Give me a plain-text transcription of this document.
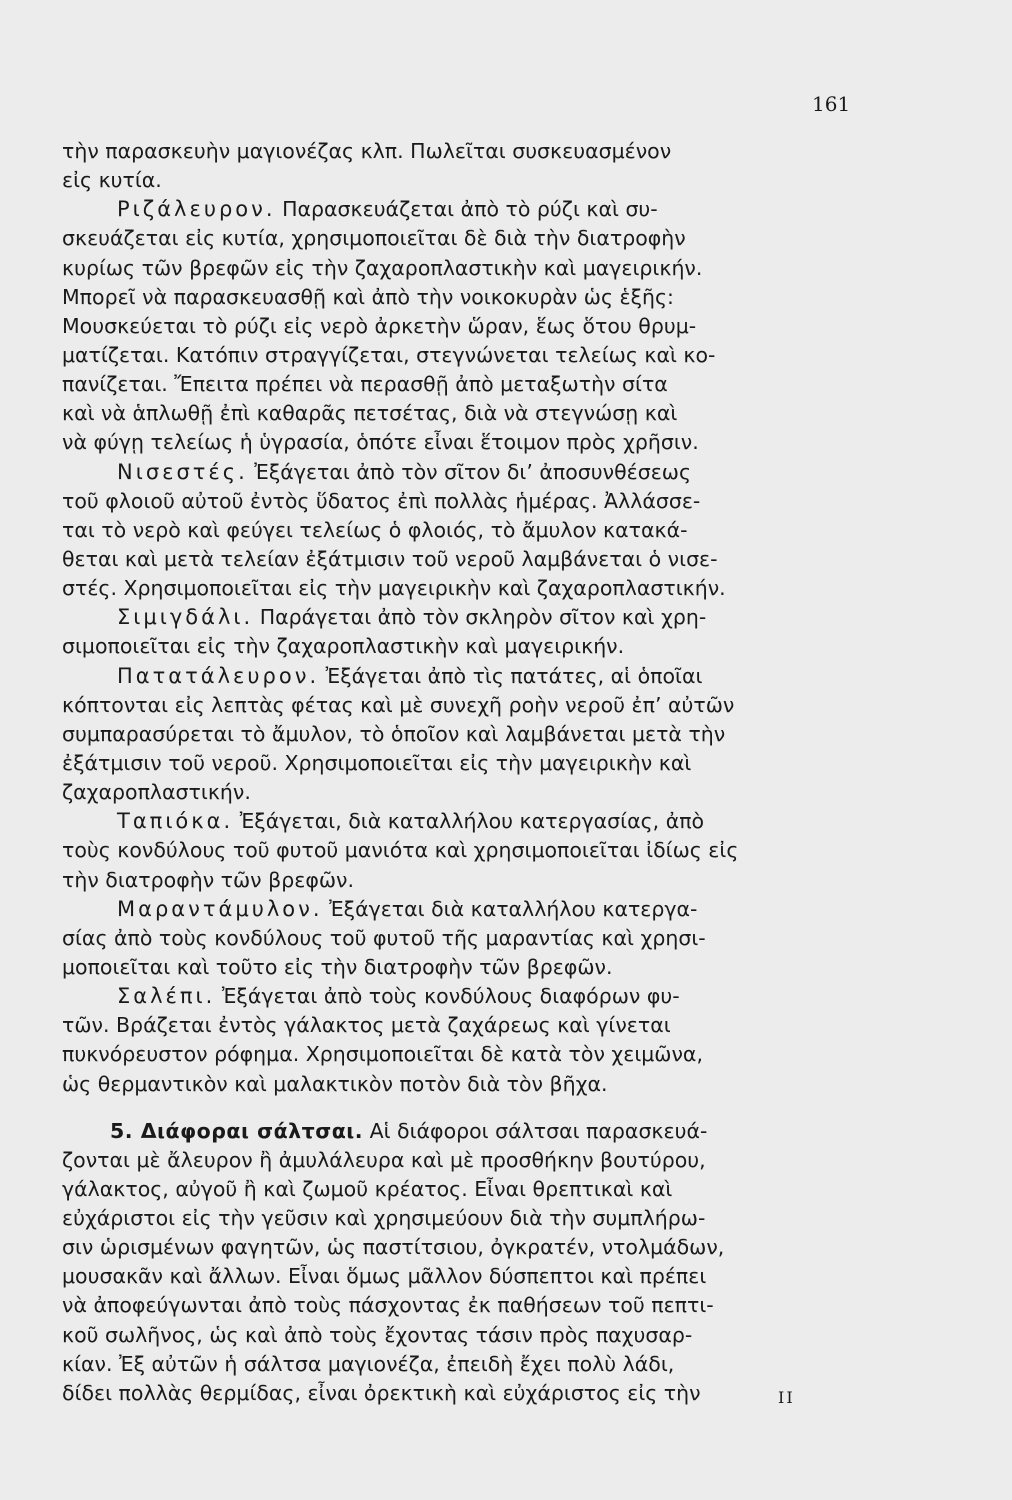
161
τὴν παρασκευὴν μαγιονέζας κλπ. Πωλεῖται συσκευασμένον
εἰς κυτία.
Ριζάλευρον. Παρασκευάζεται ἀπὸ τὸ ρύζι καὶ συ-
σκευάζεται εἰς κυτία, χρησιμοποιεῖται δὲ διὰ τὴν διατροφὴν
κυρίως τῶν βρεφῶν εἰς τὴν ζαχαροπλαστικὴν καὶ μαγειρικήν.
Μπορεῖ νὰ παρασκευασθῇ καὶ ἀπὸ τὴν νοικοκυρὰν ὡς ἑξῆς:
Μουσκεύεται τὸ ρύζι εἰς νερὸ ἀρκετὴν ὥραν, ἕως ὅτου θρυμ-
ματίζεται. Κατόπιν στραγγίζεται, στεγνώνεται τελείως καὶ κο-
πανίζεται. Ἔπειτα πρέπει νὰ περασθῇ ἀπὸ μεταξωτὴν σίτα
καὶ νὰ ἁπλωθῇ ἐπὶ καθαρᾶς πετσέτας, διὰ νὰ στεγνώσῃ καὶ
νὰ φύγῃ τελείως ἡ ὑγρασία, ὁπότε εἶναι ἕτοιμον πρὸς χρῆσιν.
Νισεστές. Ἐξάγεται ἀπὸ τὸν σῖτον δι’ ἀποσυνθέσεως
τοῦ φλοιοῦ αὐτοῦ ἐντὸς ὕδατος ἐπὶ πολλὰς ἡμέρας. Ἀλλάσσε-
ται τὸ νερὸ καὶ φεύγει τελείως ὁ φλοιός, τὸ ἄμυλον κατακά-
θεται καὶ μετὰ τελείαν ἐξάτμισιν τοῦ νεροῦ λαμβάνεται ὁ νισε-
στές. Χρησιμοποιεῖται εἰς τὴν μαγειρικὴν καὶ ζαχαροπλαστικήν.
Σιμιγδάλι. Παράγεται ἀπὸ τὸν σκληρὸν σῖτον καὶ χρη-
σιμοποιεῖται εἰς τὴν ζαχαροπλαστικὴν καὶ μαγειρικήν.
Πατατάλευρον. Ἐξάγεται ἀπὸ τὶς πατάτες, αἱ ὁποῖαι
κόπτονται εἰς λεπτὰς φέτας καὶ μὲ συνεχῆ ροὴν νεροῦ ἐπ’ αὐτῶν
συμπαρασύρεται τὸ ἄμυλον, τὸ ὁποῖον καὶ λαμβάνεται μετὰ τὴν
ἐξάτμισιν τοῦ νεροῦ. Χρησιμοποιεῖται εἰς τὴν μαγειρικὴν καὶ
ζαχαροπλαστικήν.
Ταπιόκα. Ἐξάγεται, διὰ καταλλήλου κατεργασίας, ἀπὸ
τοὺς κονδύλους τοῦ φυτοῦ μανιότα καὶ χρησιμοποιεῖται ἰδίως εἰς
τὴν διατροφὴν τῶν βρεφῶν.
Μαραντάμυλον. Ἐξάγεται διὰ καταλλήλου κατεργα-
σίας ἀπὸ τοὺς κονδύλους τοῦ φυτοῦ τῆς μαραντίας καὶ χρησι-
μοποιεῖται καὶ τοῦτο εἰς τὴν διατροφὴν τῶν βρεφῶν.
Σαλέπι. Ἐξάγεται ἀπὸ τοὺς κονδύλους διαφόρων φυ-
τῶν. Βράζεται ἐντὸς γάλακτος μετὰ ζαχάρεως καὶ γίνεται
πυκνόρευστον ρόφημα. Χρησιμοποιεῖται δὲ κατὰ τὸν χειμῶνα,
ὡς θερμαντικὸν καὶ μαλακτικὸν ποτὸν διὰ τὸν βῆχα.
5. Διάφοραι σάλτσαι. Αἱ διάφοροι σάλτσαι παρασκευά-
ζονται μὲ ἄλευρον ἢ ἀμυλάλευρα καὶ μὲ προσθήκην βουτύρου,
γάλακτος, αὐγοῦ ἢ καὶ ζωμοῦ κρέατος. Εἶναι θρεπτικαὶ καὶ
εὐχάριστοι εἰς τὴν γεῦσιν καὶ χρησιμεύουν διὰ τὴν συμπλήρω-
σιν ὡρισμένων φαγητῶν, ὡς παστίτσιου, ὀγκρατέν, ντολμάδων,
μουσακᾶν καὶ ἄλλων. Εἶναι ὅμως μᾶλλον δύσπεπτοι καὶ πρέπει
νὰ ἀποφεύγωνται ἀπὸ τοὺς πάσχοντας ἐκ παθήσεων τοῦ πεπτι-
κοῦ σωλῆνος, ὡς καὶ ἀπὸ τοὺς ἔχοντας τάσιν πρὸς παχυσαρ-
κίαν. Ἐξ αὐτῶν ἡ σάλτσα μαγιονέζα, ἐπειδὴ ἔχει πολὺ λάδι,
δίδει πολλὰς θερμίδας, εἶναι ὀρεκτικὴ καὶ εὐχάριστος εἰς τὴν	ΙΙ
